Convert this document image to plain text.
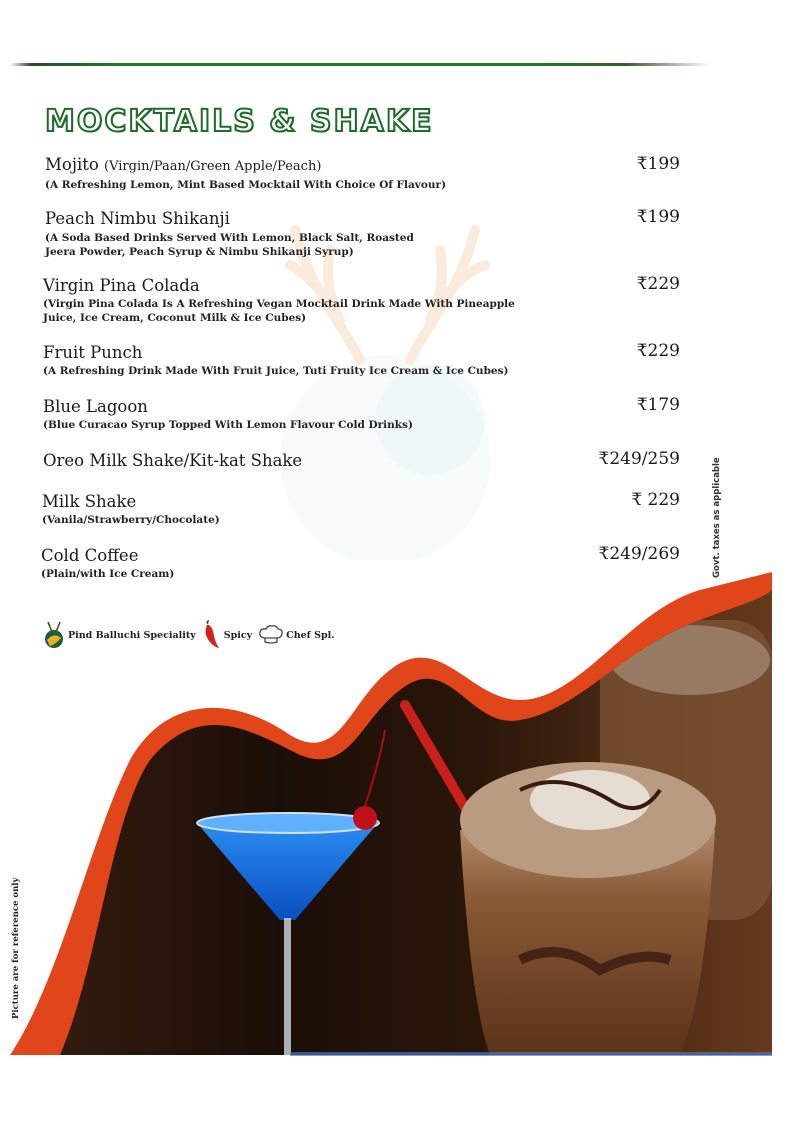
MOCKTAILS & SHAKE
Mojito (Virgin/Paan/Green Apple/Peach)
(A Refreshing Lemon, Mint Based Mocktail With Choice Of Flavour)
₹199
Peach Nimbu Shikanji
(A Soda Based Drinks Served With Lemon, Black Salt, Roasted
Jeera Powder, Peach Syrup & Nimbu Shikanji Syrup)
₹199
Virgin Pina Colada
(Virgin Pina Colada Is A Refreshing Vegan Mocktail Drink Made With Pineapple
Juice, Ice Cream, Coconut Milk & Ice Cubes)
₹229
Fruit Punch
(A Refreshing Drink Made With Fruit Juice, Tuti Fruity Ice Cream & Ice Cubes)
₹229
Blue Lagoon
(Blue Curacao Syrup Topped With Lemon Flavour Cold Drinks)
₹179
Oreo Milk Shake/Kit-kat Shake	₹249/259
Milk Shake
(Vanila/Strawberry/Chocolate)
₹ 229
Cold Coffee
(Plain/with Ice Cream)
₹249/269	Govt. taxes as applicable
Pind Balluchi Speciality	Spicy	Chef Spl.
Picture are for reference only
